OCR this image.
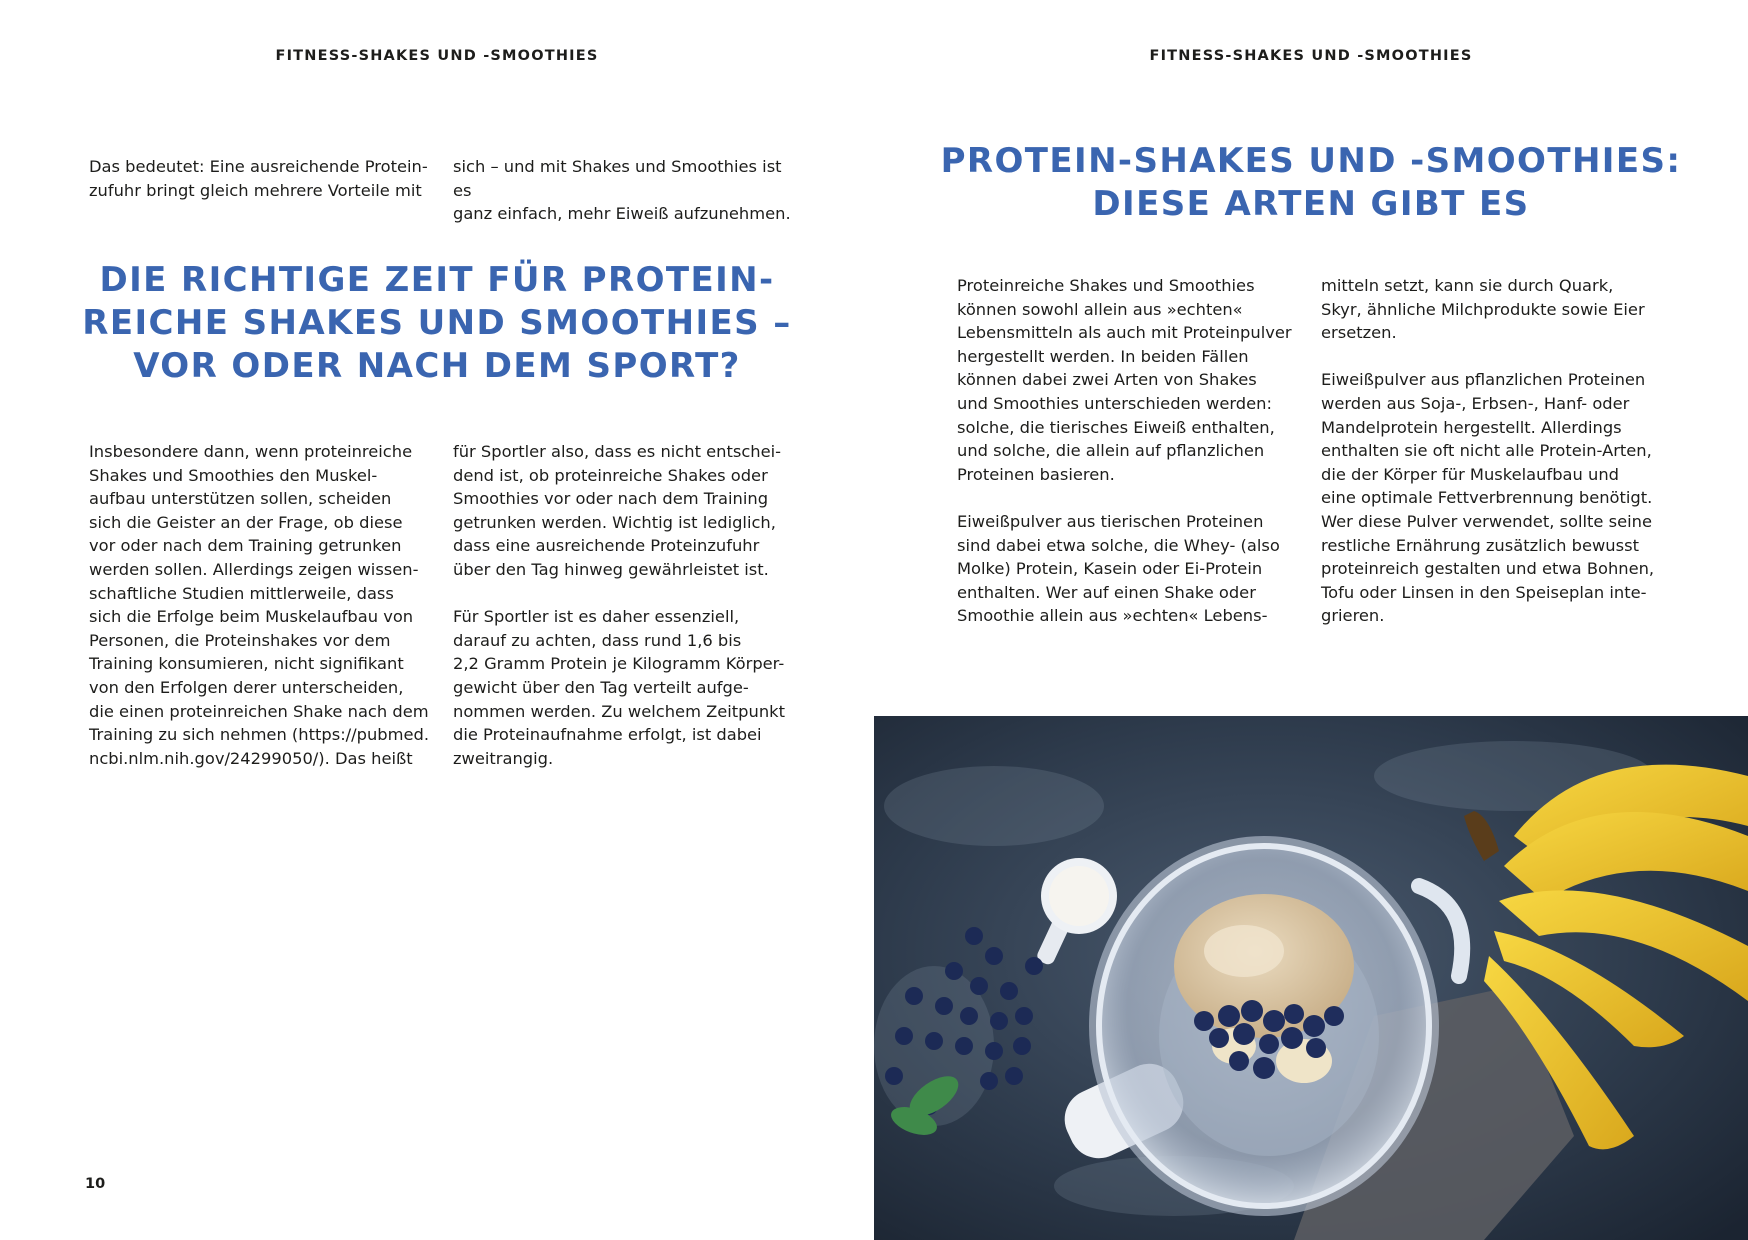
FITNESS-SHAKES UND -SMOOTHIES

Das bedeutet: Eine ausreichende Protein-
zufuhr bringt gleich mehrere Vorteile mit

sich – und mit Shakes und Smoothies ist es
ganz einfach, mehr Eiweiß aufzunehmen.

DIE RICHTIGE ZEIT FÜR PROTEIN-
REICHE SHAKES UND SMOOTHIES –
VOR ODER NACH DEM SPORT?

Insbesondere dann, wenn proteinreiche
Shakes und Smoothies den Muskel-
aufbau unterstützen sollen, scheiden
sich die Geister an der Frage, ob diese
vor oder nach dem Training getrunken
werden sollen. Allerdings zeigen wissen-
schaftliche Studien mittlerweile, dass
sich die Erfolge beim Muskelaufbau von
Personen, die Proteinshakes vor dem
Training konsumieren, nicht signifikant
von den Erfolgen derer unterscheiden,
die einen proteinreichen Shake nach dem
Training zu sich nehmen (https://pubmed.
ncbi.nlm.nih.gov/24299050/). Das heißt

für Sportler also, dass es nicht entschei-
dend ist, ob proteinreiche Shakes oder
Smoothies vor oder nach dem Training
getrunken werden. Wichtig ist lediglich,
dass eine ausreichende Proteinzufuhr
über den Tag hinweg gewährleistet ist.

Für Sportler ist es daher essenziell,
darauf zu achten, dass rund 1,6 bis
2,2 Gramm Protein je Kilogramm Körper-
gewicht über den Tag verteilt aufge-
nommen werden. Zu welchem Zeitpunkt
die Proteinaufnahme erfolgt, ist dabei
zweitrangig.

10
FITNESS-SHAKES UND -SMOOTHIES
PROTEIN-SHAKES UND -SMOOTHIES:
DIESE ARTEN GIBT ES

Proteinreiche Shakes und Smoothies
können sowohl allein aus »echten«
Lebensmitteln als auch mit Proteinpulver
hergestellt werden. In beiden Fällen
können dabei zwei Arten von Shakes
und Smoothies unterschieden werden:
solche, die tierisches Eiweiß enthalten,
und solche, die allein auf pflanzlichen
Proteinen basieren.

Eiweißpulver aus tierischen Proteinen
sind dabei etwa solche, die Whey- (also
Molke) Protein, Kasein oder Ei-Protein
enthalten. Wer auf einen Shake oder
Smoothie allein aus »echten« Lebens-

mitteln setzt, kann sie durch Quark,
Skyr, ähnliche Milchprodukte sowie Eier
ersetzen.

Eiweißpulver aus pflanzlichen Proteinen
werden aus Soja-, Erbsen-, Hanf- oder
Mandelprotein hergestellt. Allerdings
enthalten sie oft nicht alle Protein-Arten,
die der Körper für Muskelaufbau und
eine optimale Fettverbrennung benötigt.
Wer diese Pulver verwendet, sollte seine
restliche Ernährung zusätzlich bewusst
proteinreich gestalten und etwa Bohnen,
Tofu oder Linsen in den Speiseplan inte-
grieren.
